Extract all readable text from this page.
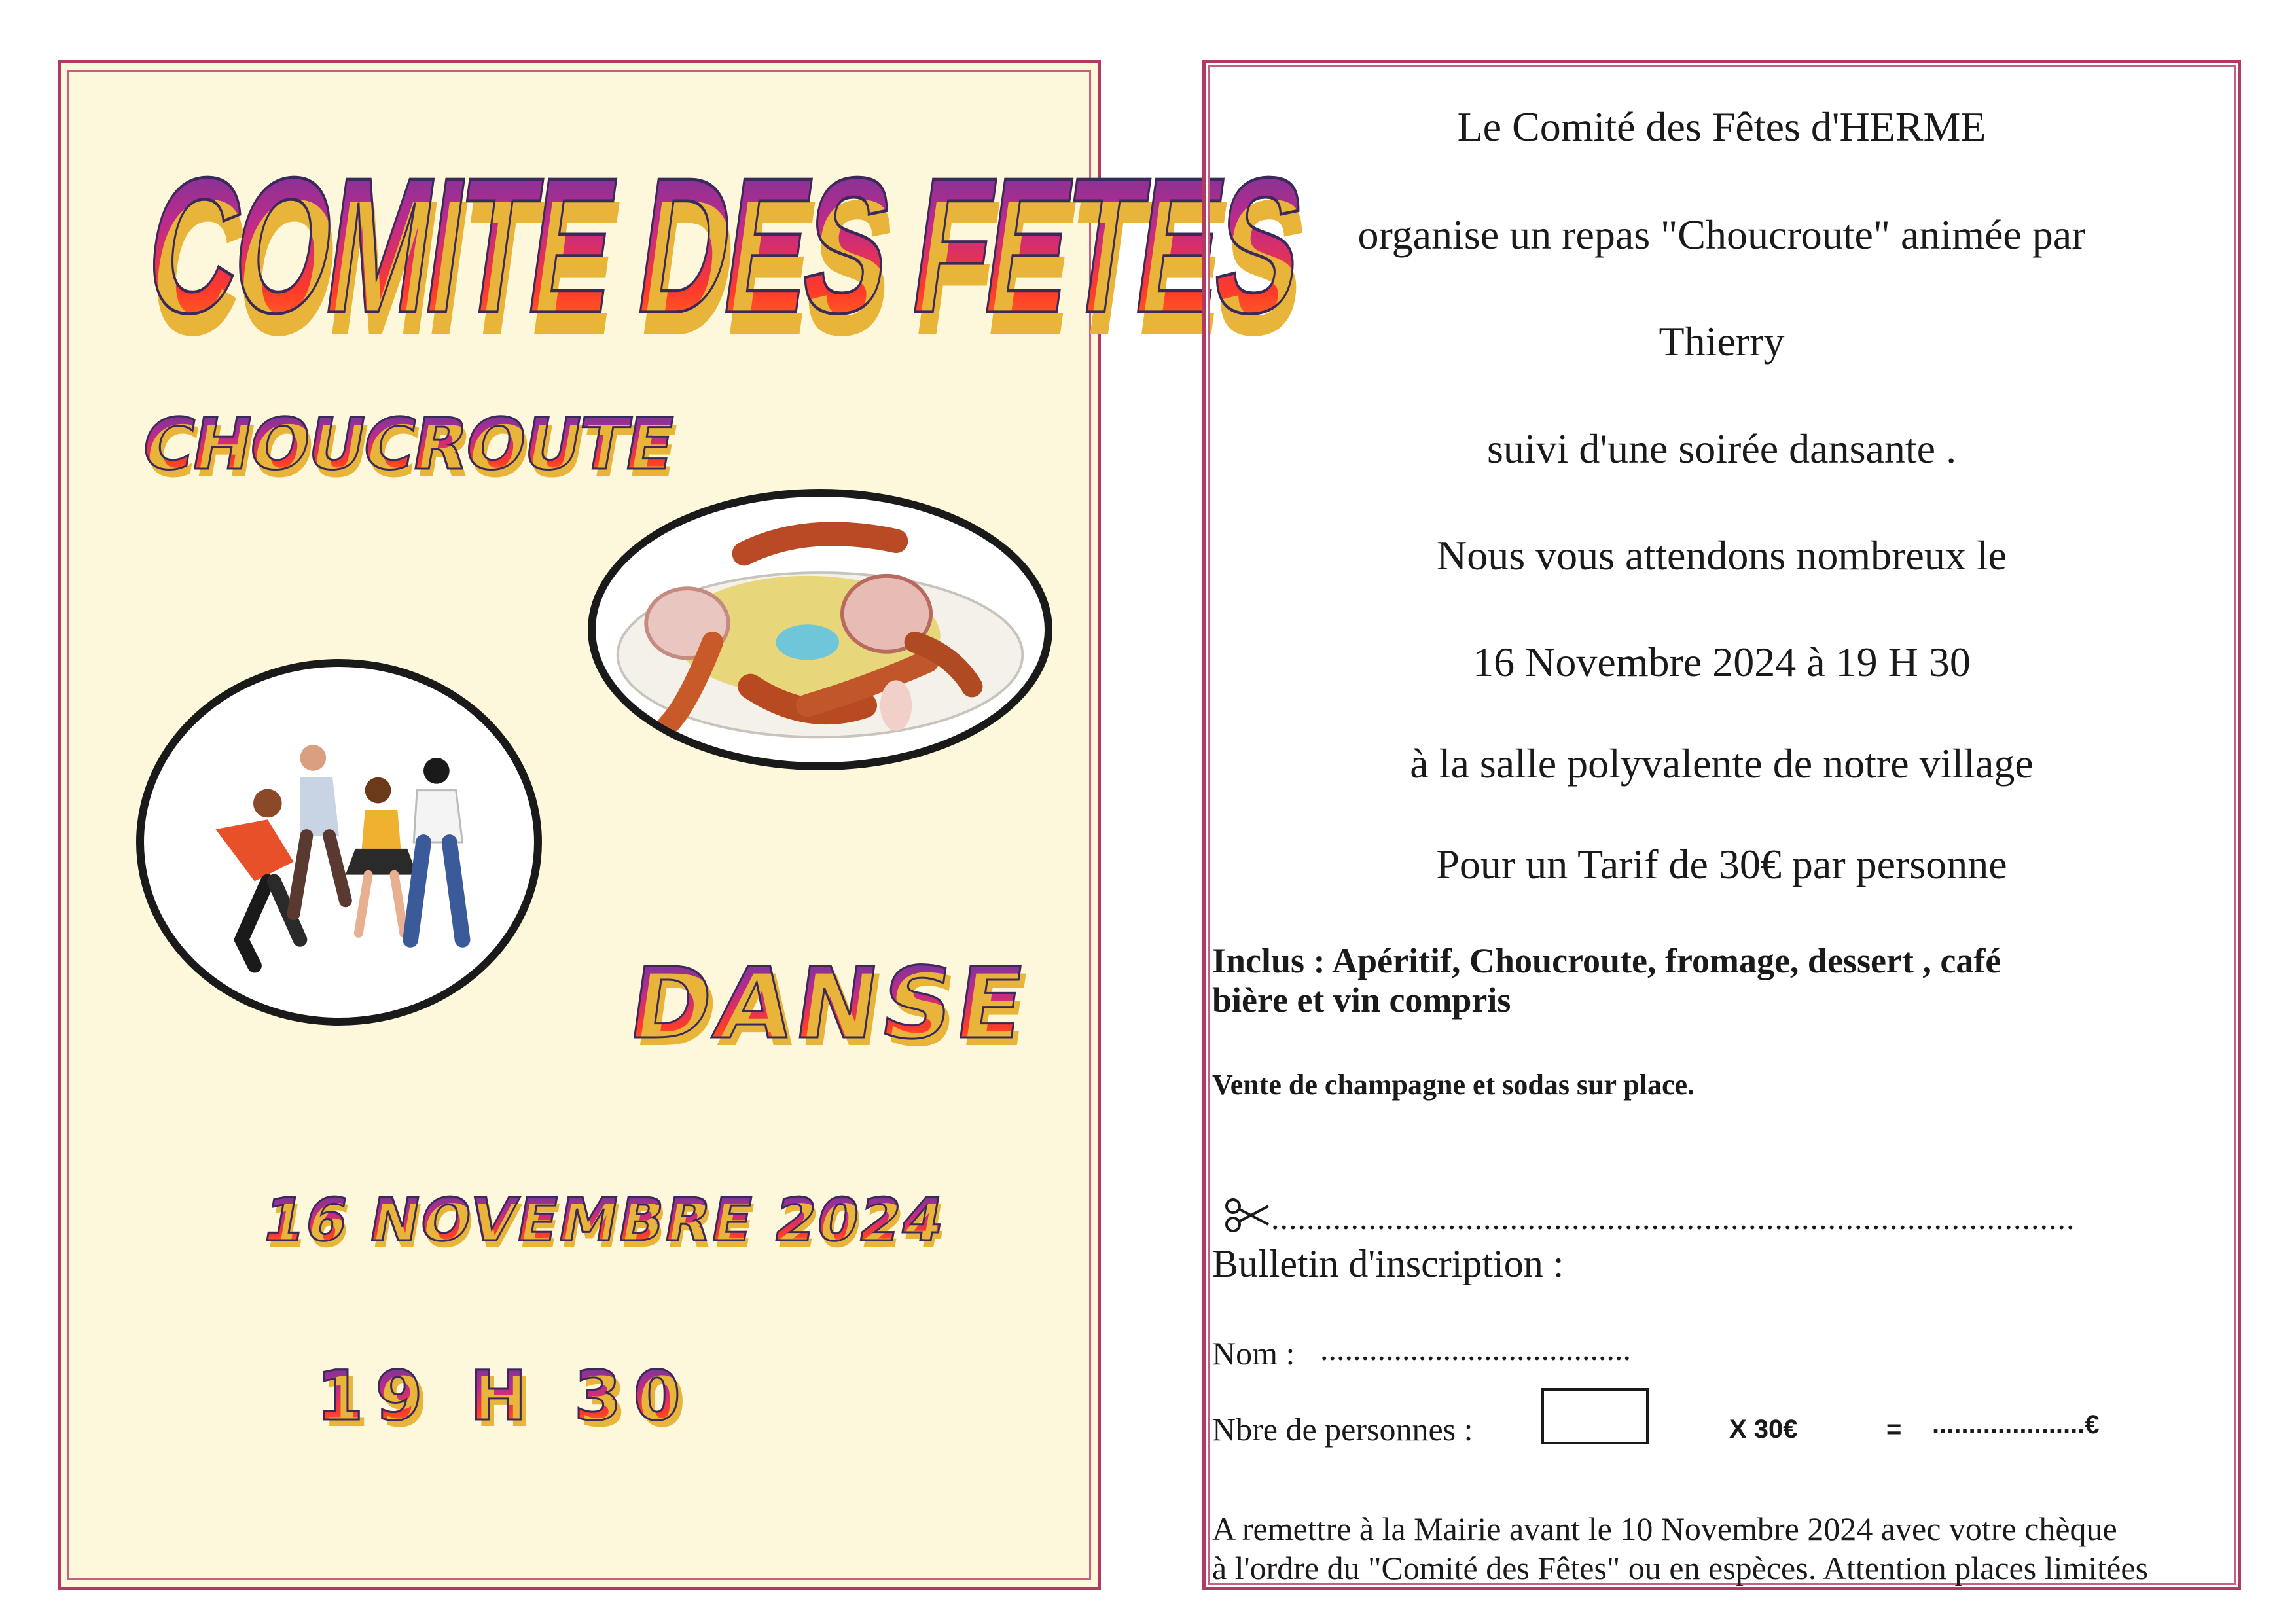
COMITE DES FETES
CHOUCROUTE
DANSE
16 NOVEMBRE 2024
19 H 30
Le Comité des Fêtes d'HERME
organise un repas "Choucroute" animée par
Thierry
suivi d'une soirée dansante .
Nous vous attendons nombreux le
16 Novembre 2024 à 19 H 30
à la salle polyvalente de notre village
Pour un Tarif de 30€ par personne
Inclus : Apéritif, Choucroute, fromage, dessert , café
bière et vin compris
Vente de champagne et sodas sur place.
...........................................................................................
Bulletin d'inscription :
Nom : ......................................
Nbre de personnes :	X 30€	= .....................€
A remettre à la Mairie avant le 10 Novembre 2024 avec votre chèque
à l'ordre du "Comité des Fêtes" ou en espèces. Attention places limitées
